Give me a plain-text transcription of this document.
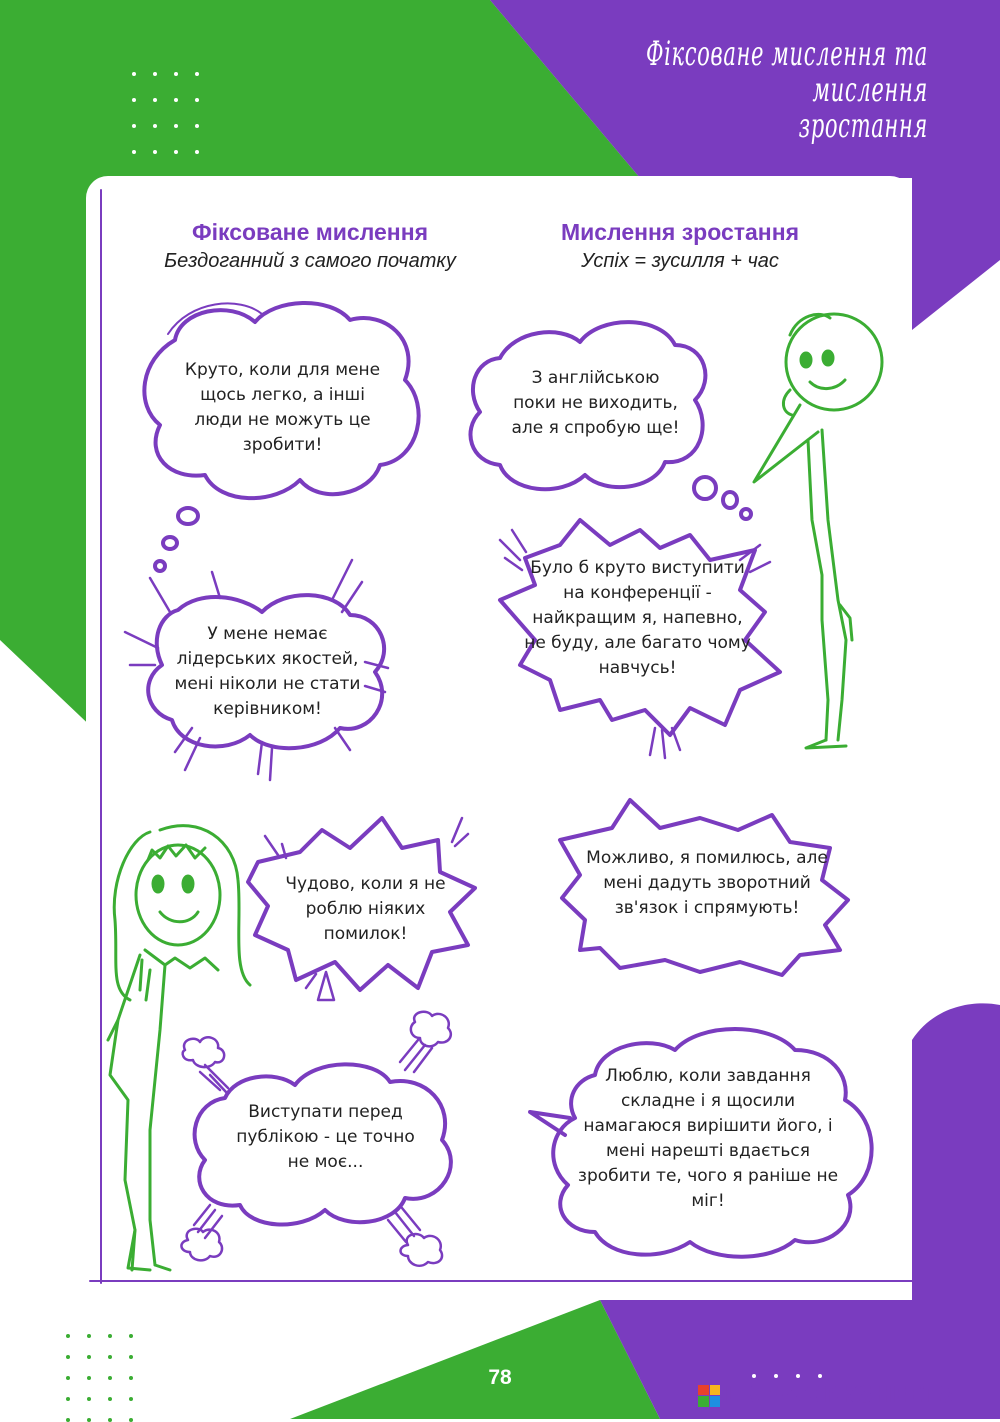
Фіксоване мислення та мислення
зростання
Фіксоване мислення
Бездоганний з самого початку
Мислення зростання
Успіх = зусилля + час
Круто, коли для мене щось легко, а інші люди не можуть це зробити!
У мене немає лідерських якостей, мені ніколи не стати керівником!
Чудово, коли я не роблю ніяких помилок!
Виступати перед публікою - це точно не моє...
З англійською поки не виходить, але я спробую ще!
Було б круто виступити на конференції - найкращим я, напевно, не буду, але багато чому навчусь!
Можливо, я помилюсь, але мені дадуть зворотний зв'язок і спрямують!
Люблю, коли завдання складне і я щосили намагаюся вирішити його, і мені нарешті вдається зробити те, чого я раніше не міг!
78
LIVEWORKSHEETS
